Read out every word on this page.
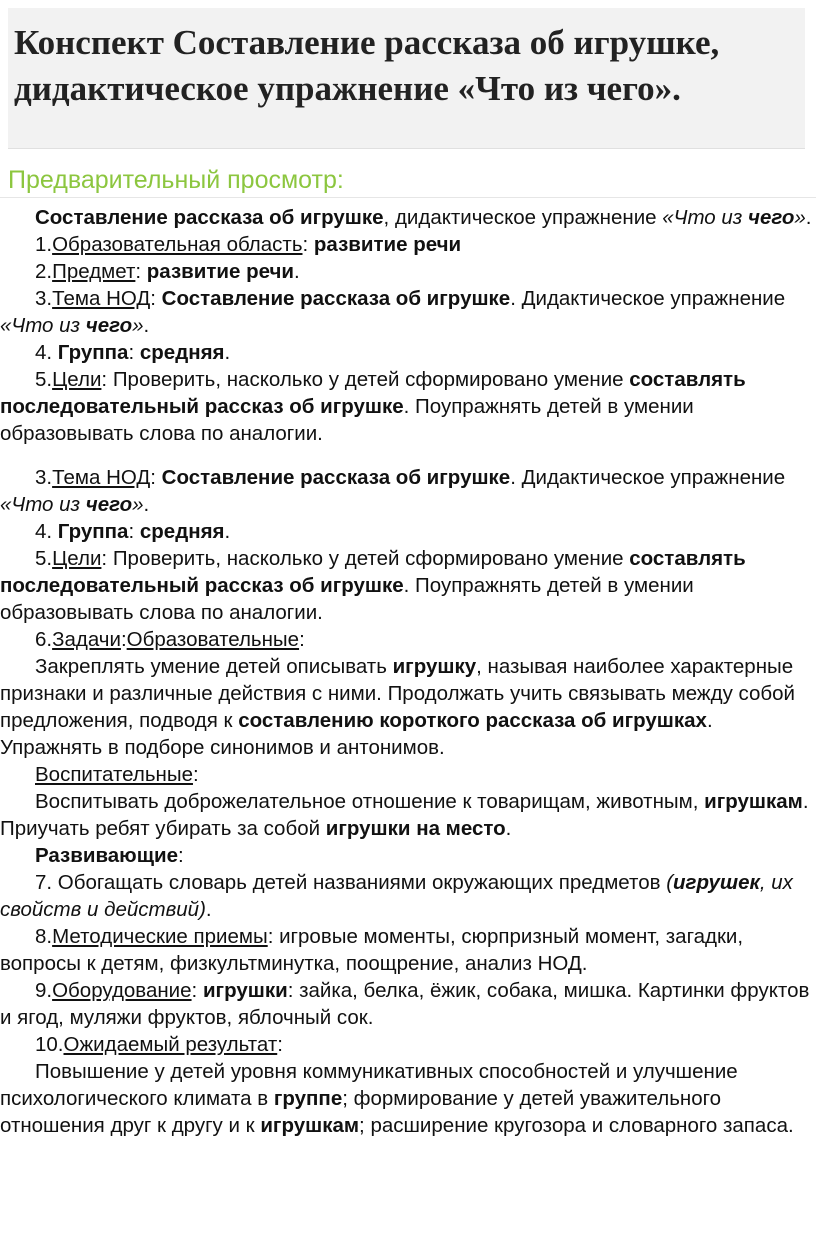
Конспект Составление рассказа об игрушке, дидактическое упражнение «Что из чего».
Предварительный просмотр:

Составление рассказа об игрушке, дидактическое упражнение «Что из чего».

1.Образовательная область: развитие речи

2.Предмет: развитие речи.

3.Тема НОД: Составление рассказа об игрушке. Дидактическое упражнение «Что из чего».

4. Группа: средняя.

5.Цели: Проверить, насколько у детей сформировано умение составлять последовательный рассказ об игрушке. Поупражнять детей в умении образовывать слова по аналогии.

3.Тема НОД: Составление рассказа об игрушке. Дидактическое упражнение «Что из чего».

4. Группа: средняя.

5.Цели: Проверить, насколько у детей сформировано умение составлять последовательный рассказ об игрушке. Поупражнять детей в умении образовывать слова по аналогии.

6.Задачи:Образовательные:

Закреплять умение детей описывать игрушку, называя наиболее характерные признаки и различные действия с ними. Продолжать учить связывать между собой предложения, подводя к составлению короткого рассказа об игрушках. Упражнять в подборе синонимов и антонимов.

Воспитательные:

Воспитывать доброжелательное отношение к товарищам, животным, игрушкам. Приучать ребят убирать за собой игрушки на место.

Развивающие:

7. Обогащать словарь детей названиями окружающих предметов (игрушек, их свойств и действий).

8.Методические приемы: игровые моменты, сюрпризный момент, загадки, вопросы к детям, физкультминутка, поощрение, анализ НОД.

9.Оборудование: игрушки: зайка, белка, ёжик, собака, мишка. Картинки фруктов и ягод, муляжи фруктов, яблочный сок.

10.Ожидаемый результат:

Повышение у детей уровня коммуникативных способностей и улучшение психологического климата в группе; формирование у детей уважительного отношения друг к другу и к игрушкам; расширение кругозора и словарного запаса.
